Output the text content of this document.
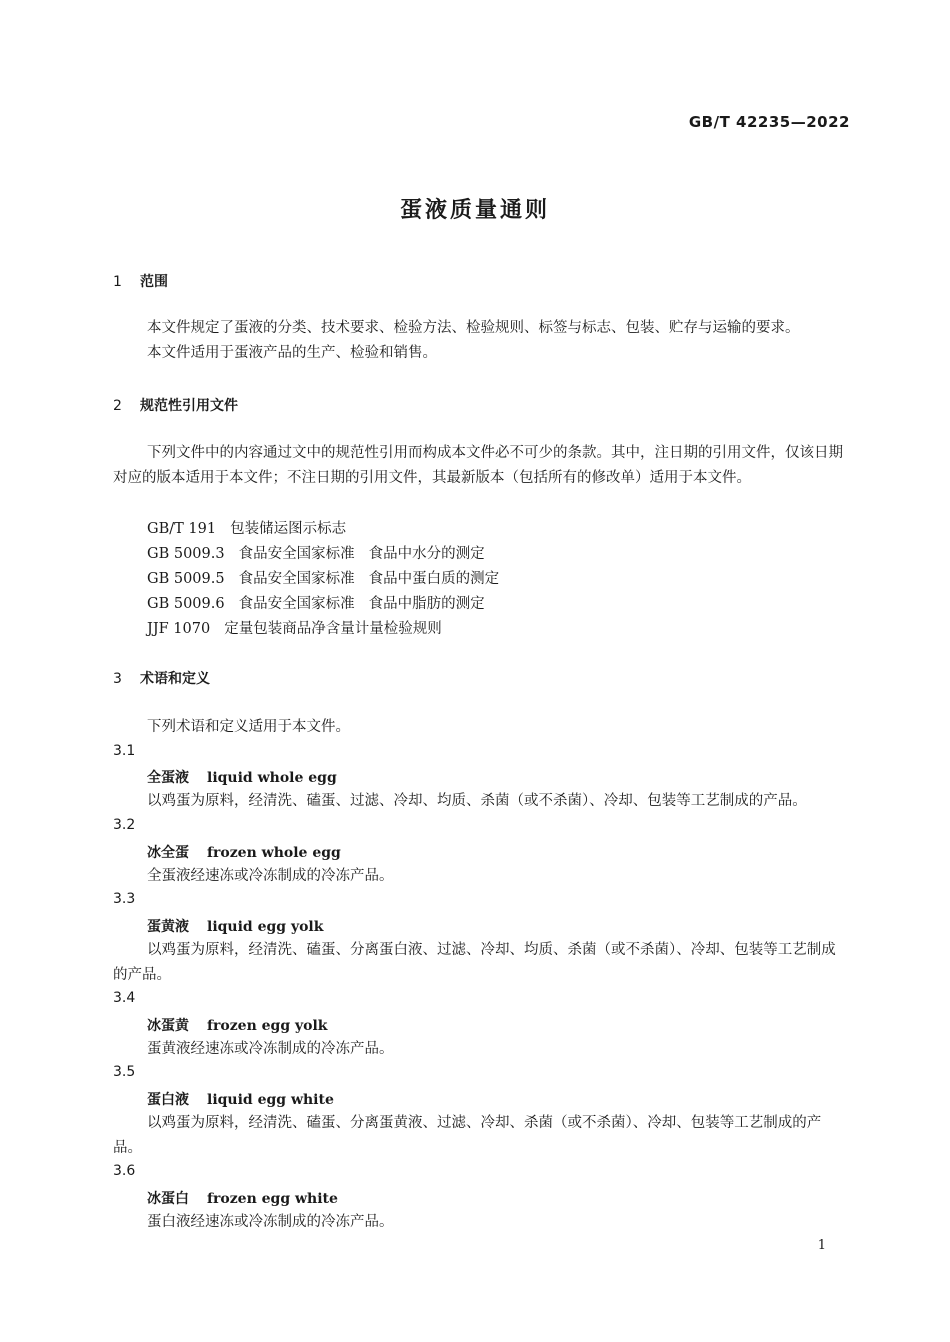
GB/T 42235—2022
蛋液质量通则
1 范围
本文件规定了蛋液的分类、技术要求、检验方法、检验规则、标签与标志、包装、贮存与运输的要求。
本文件适用于蛋液产品的生产、检验和销售。
2 规范性引用文件
下列文件中的内容通过文中的规范性引用而构成本文件必不可少的条款。其中，注日期的引用文件，仅该日期对应的版本适用于本文件；不注日期的引用文件，其最新版本（包括所有的修改单）适用于本文件。
GB/T 191 包装储运图示标志
GB 5009.3 食品安全国家标准 食品中水分的测定
GB 5009.5 食品安全国家标准 食品中蛋白质的测定
GB 5009.6 食品安全国家标准 食品中脂肪的测定
JJF 1070 定量包装商品净含量计量检验规则
3 术语和定义
下列术语和定义适用于本文件。
3.1
全蛋液 liquid whole egg
以鸡蛋为原料，经清洗、磕蛋、过滤、冷却、均质、杀菌（或不杀菌）、冷却、包装等工艺制成的产品。
3.2
冰全蛋 frozen whole egg
全蛋液经速冻或冷冻制成的冷冻产品。
3.3
蛋黄液 liquid egg yolk
以鸡蛋为原料，经清洗、磕蛋、分离蛋白液、过滤、冷却、均质、杀菌（或不杀菌）、冷却、包装等工艺制成的产品。
3.4
冰蛋黄 frozen egg yolk
蛋黄液经速冻或冷冻制成的冷冻产品。
3.5
蛋白液 liquid egg white
以鸡蛋为原料，经清洗、磕蛋、分离蛋黄液、过滤、冷却、杀菌（或不杀菌）、冷却、包装等工艺制成的产品。
3.6
冰蛋白 frozen egg white
蛋白液经速冻或冷冻制成的冷冻产品。
1
